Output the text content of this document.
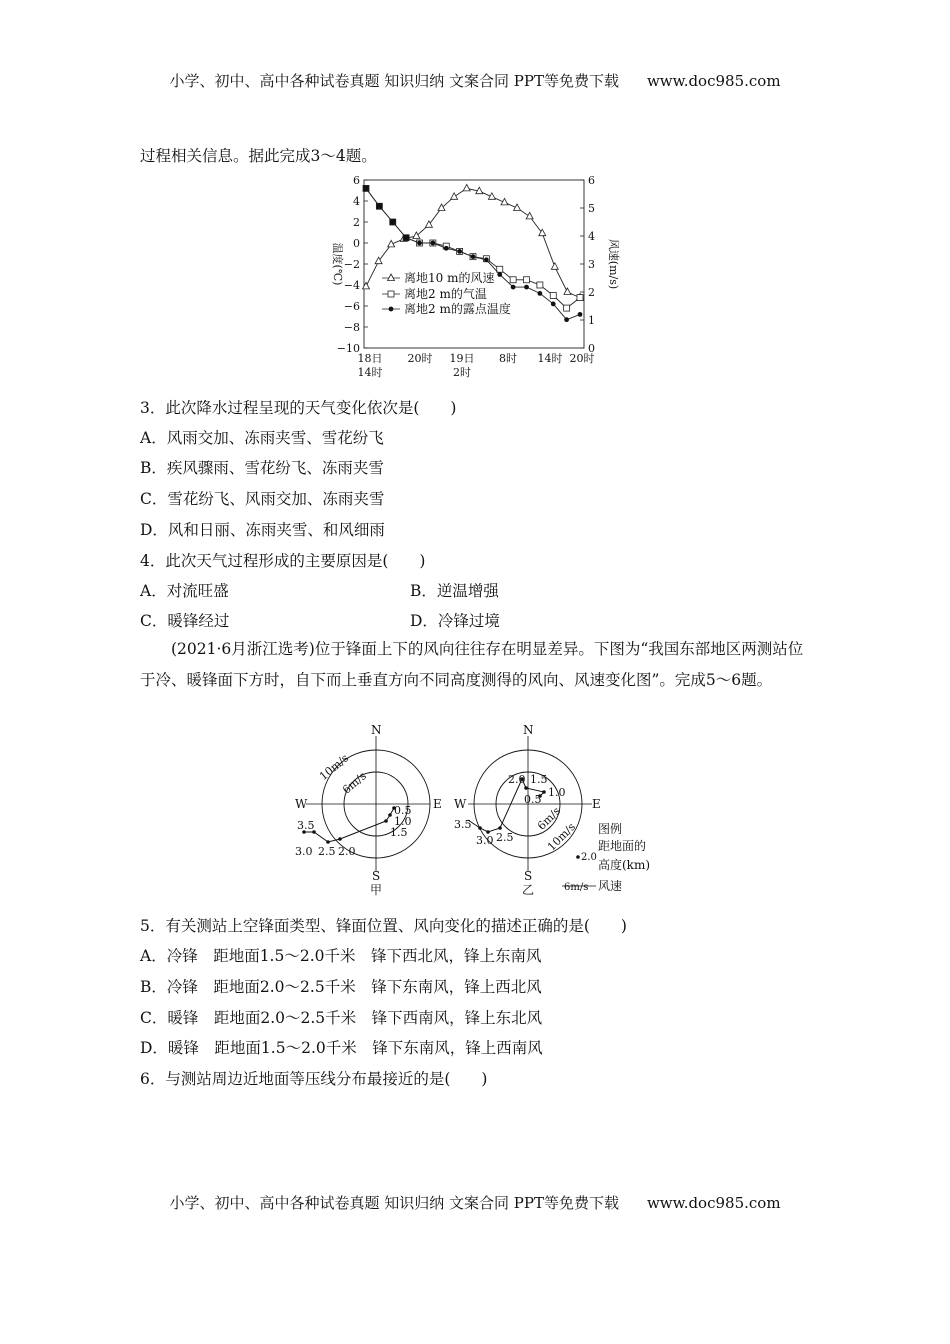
小学、初中、高中各种试卷真题 知识归纳 文案合同 PPT等免费下载 www.doc985.com
过程相关信息。据此完成3～4题。
6
4
2
0
−2
−4
−6
−8
−10
6
5
4
3
2
1
0
温度(℃)	风速(m/s)
18日
14时
20时 19日
2时
8时 14时 20时
离地10 m的风速
离地2 m的气温
离地2 m的露点温度
3．此次降水过程呈现的天气变化依次是(　　)
A．风雨交加、冻雨夹雪、雪花纷飞
B．疾风骤雨、雪花纷飞、冻雨夹雪
C．雪花纷飞、风雨交加、冻雨夹雪
D．风和日丽、冻雨夹雪、和风细雨
4．此次天气过程形成的主要原因是(　　)
A．对流旺盛	B．逆温增强
C．暖锋经过	D．冷锋过境
　　(2021·6月浙江选考)位于锋面上下的风向往往存在明显差异。下图为“我国东部地区两测站位于冷、暖锋面下方时，自下而上垂直方向不同高度测得的风向、风速变化图”。完成5～6题。
N
S
W	E
甲
10m/s
6m/s
0.5
1.0
1.5
2.0
2.5
3.0
3.5
N
S
W	E
乙
10m/s
6m/s
0.5
1.0
1.5
2.0
2.5
3.0
3.5	图例
距地面的
高度(km)
2.0
6m/s 风速
5．有关测站上空锋面类型、锋面位置、风向变化的描述正确的是(　　)
A．冷锋　距地面1.5～2.0千米　锋下西北风，锋上东南风
B．冷锋　距地面2.0～2.5千米　锋下东南风，锋上西北风
C．暖锋　距地面2.0～2.5千米　锋下西南风，锋上东北风
D．暖锋　距地面1.5～2.0千米　锋下东南风，锋上西南风
6．与测站周边近地面等压线分布最接近的是(　　)
小学、初中、高中各种试卷真题 知识归纳 文案合同 PPT等免费下载 www.doc985.com
